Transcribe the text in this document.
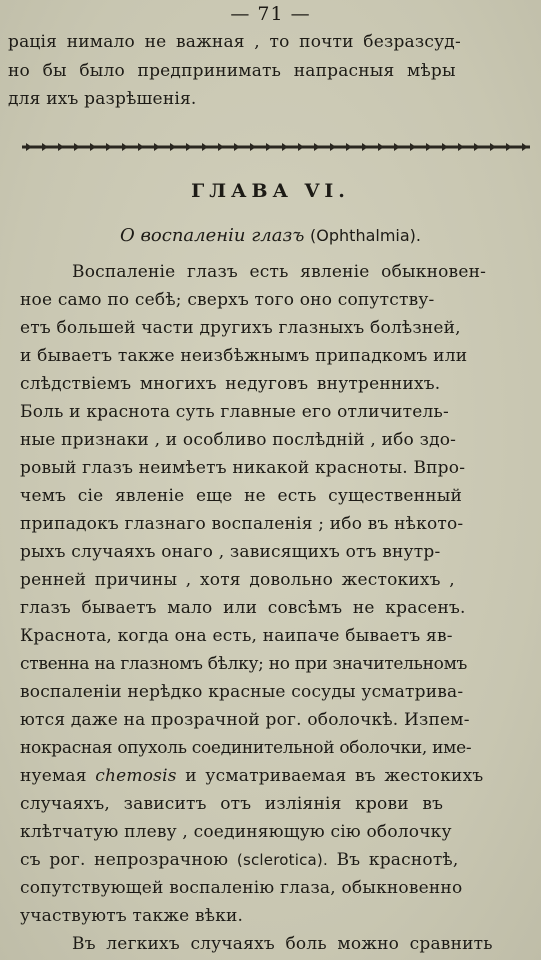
— 71 —
рація нимало не важная , то почти безразсуд-
но бы было предпринимать напрасныя мѣры
для ихъ разрѣшенія.
ГЛАВА VI.
О воспаленіи глазъ (Ophthalmia).
Воспаленіе глазъ есть явленіе обыкновен-
ное само по себѣ; сверхъ того оно сопутству-
етъ большей части другихъ глазныхъ болѣзней,
и бываетъ также неизбѣжнымъ припадкомъ или
слѣдствіемъ многихъ недуговъ внутреннихъ.
Боль и краснота суть главные его отличитель-
ные признаки , и особливо послѣдній , ибо здо-
ровый глазъ неимѣетъ никакой красноты. Впро-
чемъ сіе явленіе еще не есть существенный
припадокъ глазнаго воспаленія ; ибо въ нѣкото-
рыхъ случаяхъ онаго , зависящихъ отъ внутр-
ренней причины , хотя довольно жестокихъ ,
глазъ бываетъ мало или совсѣмъ не красенъ.
Краснота, когда она есть, наипаче бываетъ яв-
ственна на глазномъ бѣлку; но при значительномъ
воспаленіи нерѣдко красные сосуды усматрива-
ются даже на прозрачной рог. оболочкѣ. Изпем-
нокрасная опухоль соединительной оболочки, име-
нуемая chemosis и усматриваемая въ жестокихъ
случаяхъ, зависитъ отъ изліянія крови въ
клѣтчатую плеву , соединяющую сію оболочку
съ рог. непрозрачною (sclerotica). Въ краснотѣ,
сопутствующей воспаленію глаза, обыкновенно
участвуютъ также вѣки.
Въ легкихъ случаяхъ боль можно сравнить
